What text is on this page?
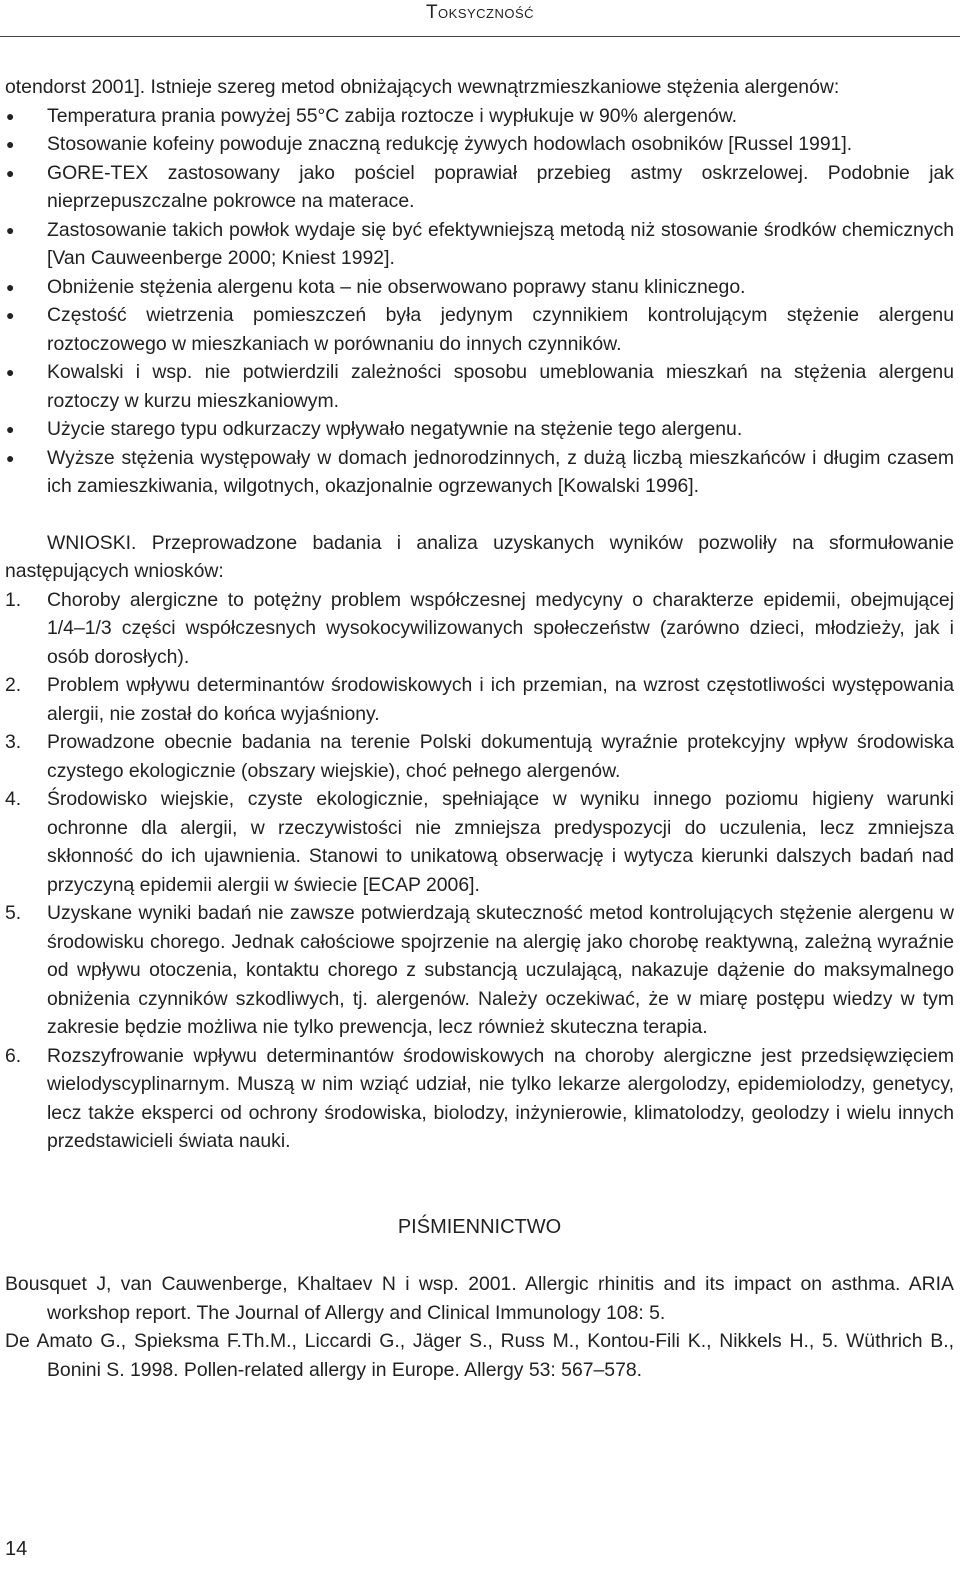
Toksyczność

otendorst 2001]. Istnieje szereg metod obniżających wewnątrzmieszkaniowe stężenia alergenów:

● Temperatura prania powyżej 55°C zabija roztocze i wypłukuje w 90% alergenów.
● Stosowanie kofeiny powoduje znaczną redukcję żywych hodowlach osobników [Russel 1991].
● GORE-TEX zastosowany jako pościel poprawiał przebieg astmy oskrzelowej. Podobnie jak nieprzepuszczalne pokrowce na materace.
● Zastosowanie takich powłok wydaje się być efektywniejszą metodą niż stosowanie środków chemicznych [Van Cauweenberge 2000; Kniest 1992].
● Obniżenie stężenia alergenu kota – nie obserwowano poprawy stanu klinicznego.
● Częstość wietrzenia pomieszczeń była jedynym czynnikiem kontrolującym stężenie alergenu roztoczowego w mieszkaniach w porównaniu do innych czynników.
● Kowalski i wsp. nie potwierdzili zależności sposobu umeblowania mieszkań na stężenia alergenu roztoczy w kurzu mieszkaniowym.
● Użycie starego typu odkurzaczy wpływało negatywnie na stężenie tego alergenu.
● Wyższe stężenia występowały w domach jednorodzinnych, z dużą liczbą mieszkańców i długim czasem ich zamieszkiwania, wilgotnych, okazjonalnie ogrzewanych [Kowalski 1996].

WNIOSKI. Przeprowadzone badania i analiza uzyskanych wyników pozwoliły na sformułowanie następujących wniosków:

1. Choroby alergiczne to potężny problem współczesnej medycyny o charakterze epidemii, obejmującej 1/4–1/3 części współczesnych wysokocywilizowanych społeczeństw (zarówno dzieci, młodzieży, jak i osób dorosłych).
2. Problem wpływu determinantów środowiskowych i ich przemian, na wzrost częstotliwości występowania alergii, nie został do końca wyjaśniony.
3. Prowadzone obecnie badania na terenie Polski dokumentują wyraźnie protekcyjny wpływ środowiska czystego ekologicznie (obszary wiejskie), choć pełnego alergenów.
4. Środowisko wiejskie, czyste ekologicznie, spełniające w wyniku innego poziomu higieny warunki ochronne dla alergii, w rzeczywistości nie zmniejsza predyspozycji do uczulenia, lecz zmniejsza skłonność do ich ujawnienia. Stanowi to unikatową obserwację i wytycza kierunki dalszych badań nad przyczyną epidemii alergii w świecie [ECAP 2006].
5. Uzyskane wyniki badań nie zawsze potwierdzają skuteczność metod kontrolujących stężenie alergenu w środowisku chorego. Jednak całościowe spojrzenie na alergię jako chorobę reaktywną, zależną wyraźnie od wpływu otoczenia, kontaktu chorego z substancją uczulającą, nakazuje dążenie do maksymalnego obniżenia czynników szkodliwych, tj. alergenów. Należy oczekiwać, że w miarę postępu wiedzy w tym zakresie będzie możliwa nie tylko prewencja, lecz również skuteczna terapia.
6. Rozszyfrowanie wpływu determinantów środowiskowych na choroby alergiczne jest przedsięwzięciem wielodyscyplinarnym. Muszą w nim wziąć udział, nie tylko lekarze alergolodzy, epidemiolodzy, genetycy, lecz także eksperci od ochrony środowiska, biolodzy, inżynierowie, klimatolodzy, geolodzy i wielu innych przedstawicieli świata nauki.
PIŚMIENNICTWO

Bousquet J, van Cauwenberge, Khaltaev N i wsp. 2001. Allergic rhinitis and its impact on asthma. ARIA workshop report. The Journal of Allergy and Clinical Immunology 108: 5.

De Amato G., Spieksma F.Th.M., Liccardi G., Jäger S., Russ M., Kontou-Fili K., Nikkels H., 5. Wüthrich B., Bonini S. 1998. Pollen-related allergy in Europe. Allergy 53: 567–578.

14
